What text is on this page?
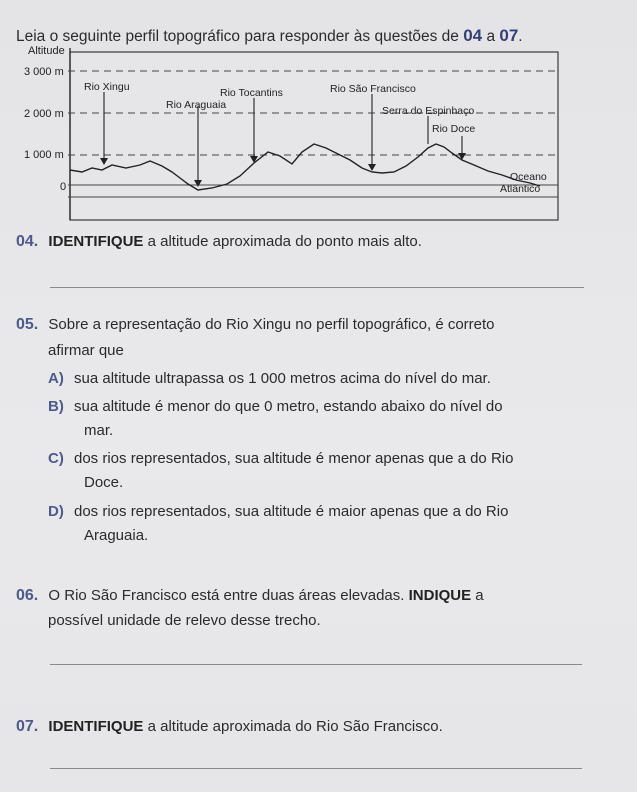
Leia o seguinte perfil topográfico para responder às questões de 04 a 07.
Altitude
3 000 m
2 000 m
1 000 m
0
Rio Xingu	Rio Tocantins
Rio Araguaia
Rio São Francisco
Serra do Espinhaço
Rio Doce
Oceano
Atlântico
04. IDENTIFIQUE a altitude aproximada do ponto mais alto.
05. Sobre a representação do Rio Xingu no perfil topográfico, é correto
afirmar que
A) sua altitude ultrapassa os 1 000 metros acima do nível do mar.
B) sua altitude é menor do que 0 metro, estando abaixo do nível do
mar.
C) dos rios representados, sua altitude é menor apenas que a do Rio
Doce.
D) dos rios representados, sua altitude é maior apenas que a do Rio
Araguaia.
06. O Rio São Francisco está entre duas áreas elevadas. INDIQUE a
possível unidade de relevo desse trecho.
07. IDENTIFIQUE a altitude aproximada do Rio São Francisco.
